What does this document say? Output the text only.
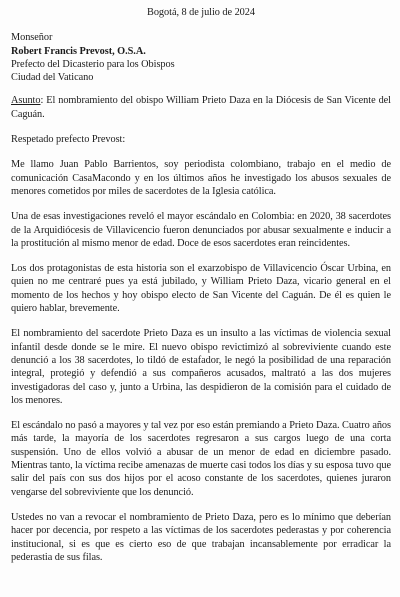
Bogotá, 8 de julio de 2024
Monseñor
Robert Francis Prevost, O.S.A.
Prefecto del Dicasterio para los Obispos
Ciudad del Vaticano
Asunto: El nombramiento del obispo William Prieto Daza en la Diócesis de San Vicente del Caguán.
Respetado prefecto Prevost:

Me llamo Juan Pablo Barrientos, soy periodista colombiano, trabajo en el medio de comunicación CasaMacondo y en los últimos años he investigado los abusos sexuales de menores cometidos por miles de sacerdotes de la Iglesia católica.

Una de esas investigaciones reveló el mayor escándalo en Colombia: en 2020, 38 sacerdotes de la Arquidiócesis de Villavicencio fueron denunciados por abusar sexualmente e inducir a la prostitución al mismo menor de edad. Doce de esos sacerdotes eran reincidentes.

Los dos protagonistas de esta historia son el exarzobispo de Villavicencio Óscar Urbina, en quien no me centraré pues ya está jubilado, y William Prieto Daza, vicario general en el momento de los hechos y hoy obispo electo de San Vicente del Caguán. De él es quien le quiero hablar, brevemente.

El nombramiento del sacerdote Prieto Daza es un insulto a las víctimas de violencia sexual infantil desde donde se le mire. El nuevo obispo revictimizó al sobreviviente cuando este denunció a los 38 sacerdotes, lo tildó de estafador, le negó la posibilidad de una reparación integral, protegió y defendió a sus compañeros acusados, maltrató a las dos mujeres investigadoras del caso y, junto a Urbina, las despidieron de la comisión para el cuidado de los menores.

El escándalo no pasó a mayores y tal vez por eso están premiando a Prieto Daza. Cuatro años más tarde, la mayoría de los sacerdotes regresaron a sus cargos luego de una corta suspensión. Uno de ellos volvió a abusar de un menor de edad en diciembre pasado. Mientras tanto, la víctima recibe amenazas de muerte casi todos los días y su esposa tuvo que salir del país con sus dos hijos por el acoso constante de los sacerdotes, quienes juraron vengarse del sobreviviente que los denunció.

Ustedes no van a revocar el nombramiento de Prieto Daza, pero es lo mínimo que deberían hacer por decencia, por respeto a las víctimas de los sacerdotes pederastas y por coherencia institucional, si es que es cierto eso de que trabajan incansablemente por erradicar la pederastia de sus filas.
